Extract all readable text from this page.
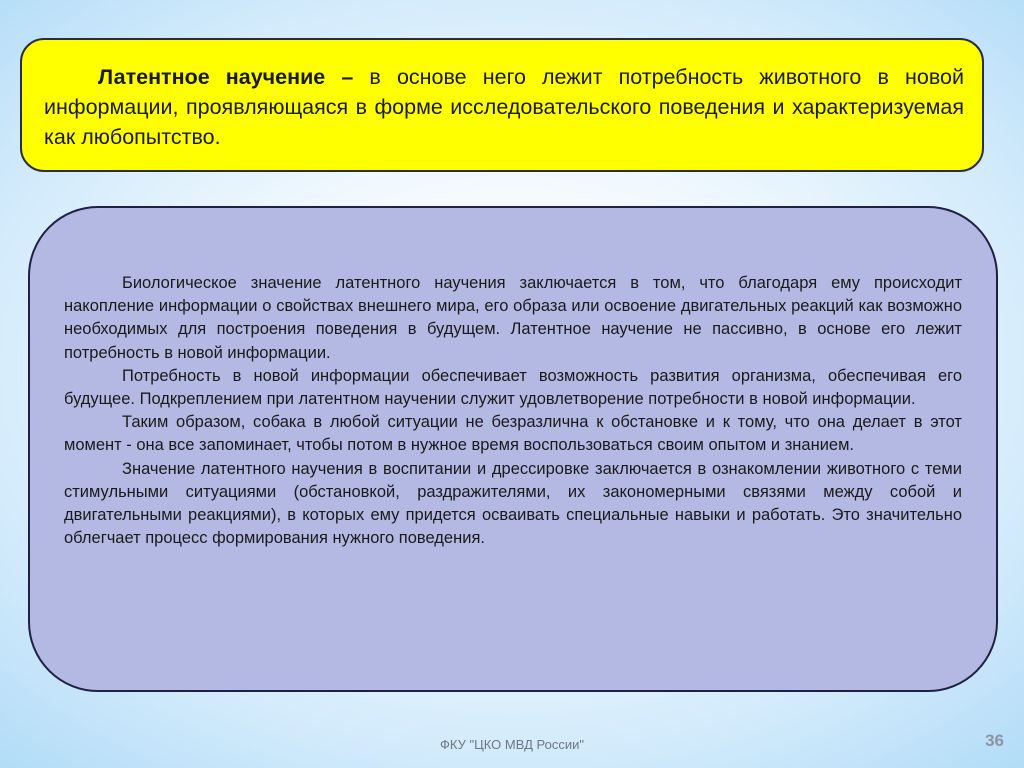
Латентное научение – в основе него лежит потребность животного в новой информации, проявляющаяся в форме исследовательского поведения и характеризуемая как любопытство.

Биологическое значение латентного научения заключается в том, что благодаря ему происходит накопление информации о свойствах внешнего мира, его образа или освоение двигательных реакций как возможно необходимых для построения поведения в будущем. Латентное научение не пассивно, в основе его лежит потребность в новой информации.

Потребность в новой информации обеспечивает возможность развития организма, обеспечивая его будущее. Подкреплением при латентном научении служит удовлетворение потребности в новой информации.

Таким образом, собака в любой ситуации не безразлична к обстановке и к тому, что она делает в этот момент - она все запоминает, чтобы потом в нужное время воспользоваться своим опытом и знанием.

Значение латентного научения в воспитании и дрессировке заключается в ознакомлении животного с теми стимульными ситуациями (обстановкой, раздражителями, их закономерными связями между собой и двигательными реакциями), в которых ему придется осваивать специальные навыки и работать. Это значительно облегчает процесс формирования нужного поведения.

ФКУ "ЦКО МВД России"	36
